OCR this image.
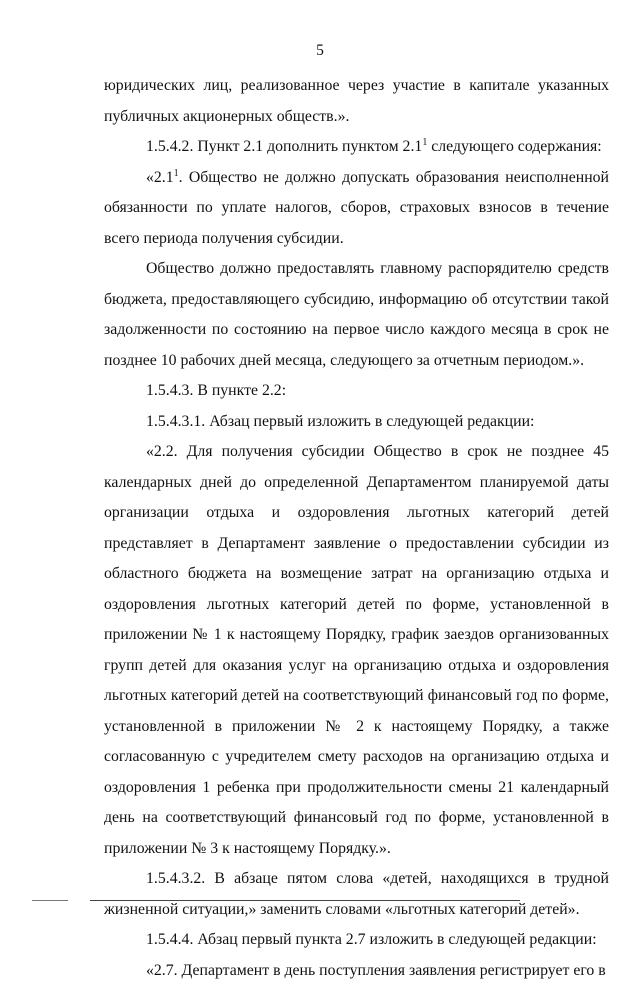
5

юридических лиц, реализованное через участие в капитале указанных публичных акционерных обществ.».

1.5.4.2. Пункт 2.1 дополнить пунктом $2.1^1$ следующего содержания:

«$2.1^1$. Общество не должно допускать образования неисполненной обязанности по уплате налогов, сборов, страховых взносов в течение всего периода получения субсидии.

Общество должно предоставлять главному распорядителю средств бюджета, предоставляющего субсидию, информацию об отсутствии такой задолженности по состоянию на первое число каждого месяца в срок не позднее 10 рабочих дней месяца, следующего за отчетным периодом.».

1.5.4.3. В пункте 2.2:

1.5.4.3.1. Абзац первый изложить в следующей редакции:

«2.2. Для получения субсидии Общество в срок не позднее 45 календарных дней до определенной Департаментом планируемой даты организации отдыха и оздоровления льготных категорий детей представляет в Департамент заявление о предоставлении субсидии из областного бюджета на возмещение затрат на организацию отдыха и оздоровления льготных категорий детей по форме, установленной в приложении № 1 к настоящему Порядку, график заездов организованных групп детей для оказания услуг на организацию отдыха и оздоровления льготных категорий детей на соответствующий финансовый год по форме, установленной в приложении № 2 к настоящему Порядку, а также согласованную с учредителем смету расходов на организацию отдыха и оздоровления 1 ребенка при продолжительности смены 21 календарный день на соответствующий финансовый год по форме, установленной в приложении № 3 к настоящему Порядку.».

1.5.4.3.2. В абзаце пятом слова «детей, находящихся в трудной жизненной ситуации,» заменить словами «льготных категорий детей».

1.5.4.4. Абзац первый пункта 2.7 изложить в следующей редакции:

«2.7. Департамент в день поступления заявления регистрирует его в
